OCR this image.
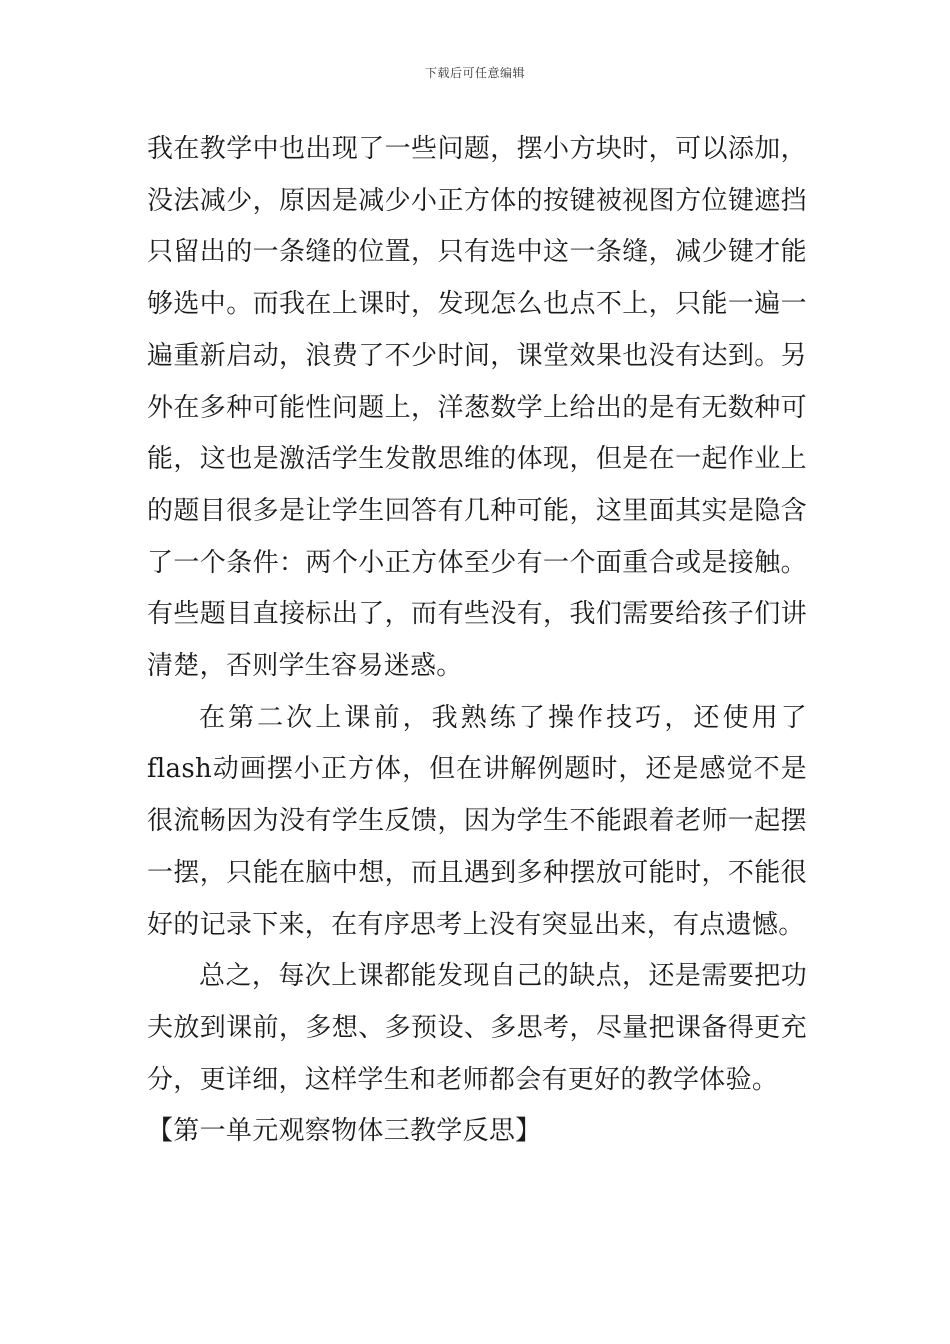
下载后可任意编辑

我在教学中也出现了一些问题，摆小方块时，可以添加，没法减少，原因是减少小正方体的按键被视图方位键遮挡只留出的一条缝的位置，只有选中这一条缝，减少键才能够选中。而我在上课时，发现怎么也点不上，只能一遍一遍重新启动，浪费了不少时间，课堂效果也没有达到。另外在多种可能性问题上，洋葱数学上给出的是有无数种可能，这也是激活学生发散思维的体现，但是在一起作业上的题目很多是让学生回答有几种可能，这里面其实是隐含了一个条件：两个小正方体至少有一个面重合或是接触。有些题目直接标出了，而有些没有，我们需要给孩子们讲清楚，否则学生容易迷惑。

在第二次上课前，我熟练了操作技巧，还使用了flash动画摆小正方体，但在讲解例题时，还是感觉不是很流畅因为没有学生反馈，因为学生不能跟着老师一起摆一摆，只能在脑中想，而且遇到多种摆放可能时，不能很好的记录下来，在有序思考上没有突显出来，有点遗憾。

总之，每次上课都能发现自己的缺点，还是需要把功夫放到课前，多想、多预设、多思考，尽量把课备得更充分，更详细，这样学生和老师都会有更好的教学体验。

【第一单元观察物体三教学反思】
